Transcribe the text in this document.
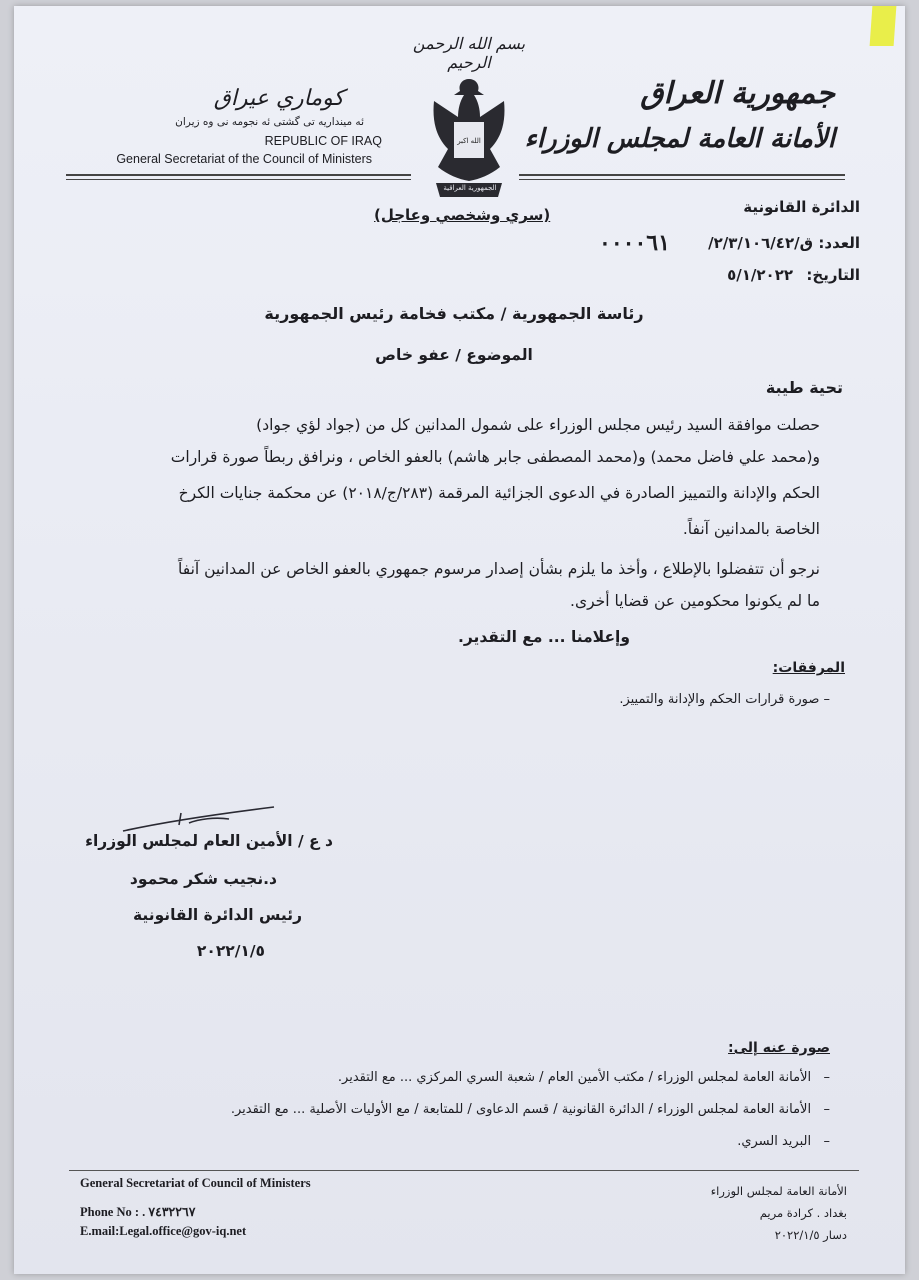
بسم الله الرحمن الرحيم
كوماري عيراق
ئه مينداريه تى گشتى ئه نجومه نى وه زيران
REPUBLIC OF IRAQ
General Secretariat of the Council of Ministers
الله اكبر
الجمهورية العراقية
جمهورية العراق
الأمانة العامة لمجلس الوزراء
الدائرة القانونية
(سري وشخصي وعاجل)
العدد:
ق/٢/٣/١٠٦/٤٢/
٠٠٠٠٦١
التاريخ:
٥/١/٢٠٢٢
رئاسة الجمهورية / مكتب فخامة رئيس الجمهورية
الموضوع / عفو خاص
تحية طيبة
حصلت موافقة السيد رئيس مجلس الوزراء على شمول المدانين كل من (جواد لؤي جواد)
و(محمد علي فاضل محمد) و(محمد المصطفى جابر هاشم) بالعفو الخاص ، ونرافق ربطاً صورة قرارات
الحكم والإدانة والتمييز الصادرة في الدعوى الجزائية المرقمة (٢٨٣/ج/٢٠١٨) عن محكمة جنايات الكرخ
الخاصة بالمدانين آنفاً.
نرجو أن تتفضلوا بالإطلاع ، وأخذ ما يلزم بشأن إصدار مرسوم جمهوري بالعفو الخاص عن المدانين آنفاً
ما لم يكونوا محكومين عن قضايا أخرى.
وإعلامنا ... مع التقدير.
المرفقات:
– صورة قرارات الحكم والإدانة والتمييز.
د ع / الأمين العام لمجلس الوزراء
د.نجيب شكر محمود
رئيس الدائرة القانونية
٢٠٢٢/١/٥
صورة عنه إلى:
–   الأمانة العامة لمجلس الوزراء / مكتب الأمين العام / شعبة السري المركزي ... مع التقدير.
–   الأمانة العامة لمجلس الوزراء / الدائرة القانونية / قسم الدعاوى / للمتابعة / مع الأوليات الأصلية ... مع التقدير.
–   البريد السري.
General Secretariat of Council of Ministers
Phone No : . ٧٤٣٢٢٦٧
E.mail:Legal.office@gov-iq.net
الأمانة العامة لمجلس الوزراء
بغداد . كرادة مريم
دسار ٢٠٢٢/١/٥
